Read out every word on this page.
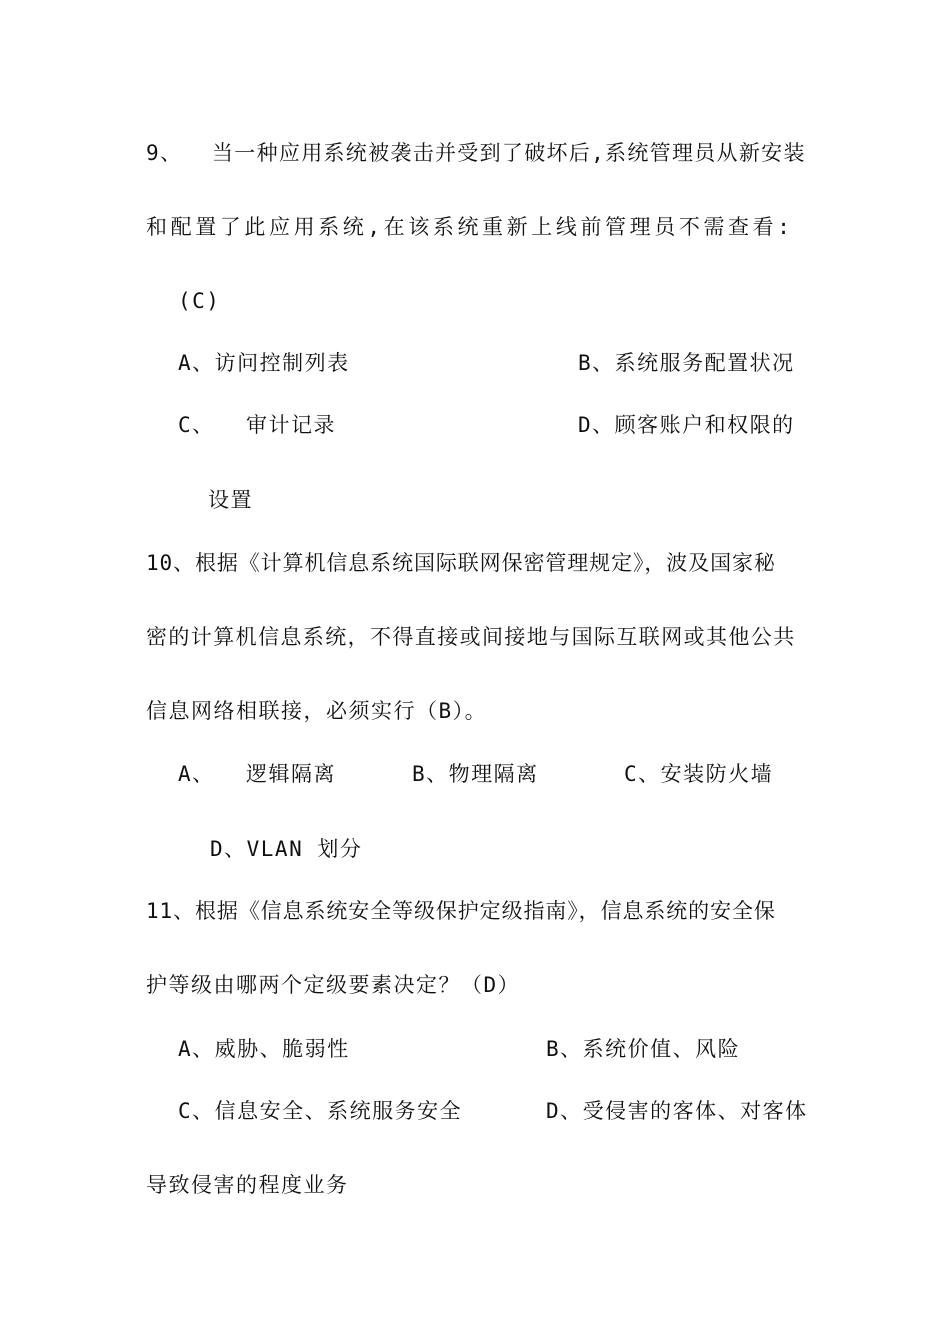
9、 当一种应用系统被袭击并受到了破坏后,系统管理员从新安装
和配置了此应用系统,在该系统重新上线前管理员不需查看:
(C)
A、访问控制列表	B、系统服务配置状况
C、 审计记录	D、顾客账户和权限的
设置
10、根据《计算机信息系统国际联网保密管理规定》，波及国家秘
密的计算机信息系统，不得直接或间接地与国际互联网或其他公共
信息网络相联接，必须实行（B）。
A、 逻辑隔离	B、物理隔离	C、安装防火墙
D、VLAN 划分
11、根据《信息系统安全等级保护定级指南》，信息系统的安全保
护等级由哪两个定级要素决定？（D）
A、威胁、脆弱性	B、系统价值、风险
C、信息安全、系统服务安全	D、受侵害的客体、对客体
导致侵害的程度业务
